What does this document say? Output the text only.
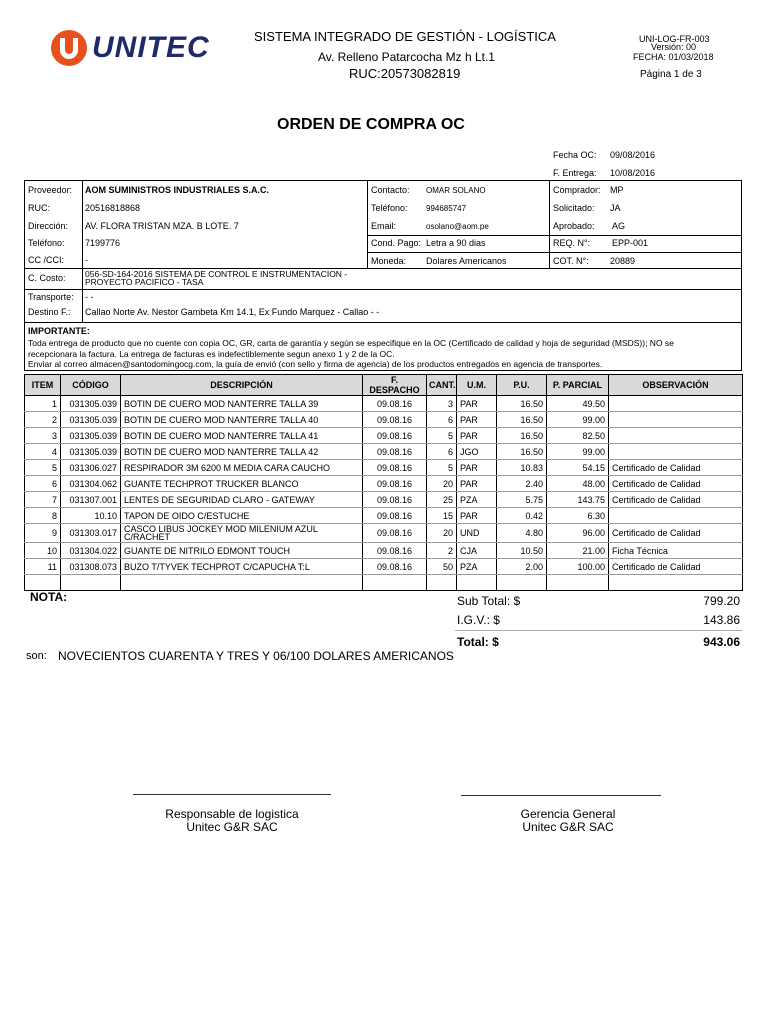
UNITEC	SISTEMA INTEGRADO DE GESTIÓN - LOGÍSTICA
Av. Relleno Patarcocha Mz h Lt.1
RUC:20573082819
UNI-LOG-FR-003
Versión: 00
FECHA: 01/03/2018
Página 1 de 3
ORDEN DE COMPRA OC
Fecha OC: 09/08/2016
F. Entrega: 10/08/2016
Proveedor: AOM SUMINISTROS INDUSTRIALES S.A.C.
RUC:	20516818868
Dirección: AV. FLORA TRISTAN MZA. B LOTE. 7
Teléfono: 7199776
CC /CCI: -
C. Costo: 056-SD-164-2016 SISTEMA DE CONTROL E INSTRUMENTACION - PROYECTO PACIFICO - TASA
Transporte: - -
Destino F.: Callao Norte Av. Nestor Gambeta Km 14.1, Ex Fundo Marquez - Callao - -
Contacto: OMAR SOLANO
Teléfono: 994685747
Email:	osolano@aom.pe
Cond. Pago: Letra a 90 dias
Moneda: Dolares Americanos
Comprador: MP
Solicitado: JA
Aprobado: AG
REQ. N°: EPP-001
COT. N°: 20889
IMPORTANTE:
Toda entrega de producto que no cuente con copia OC, GR, carta de garantía y según se especifique en la OC (Certificado de calidad y hoja de seguridad (MSDS)); NO se
recepcionara la factura. La entrega de facturas es indefectiblemente segun anexo 1 y 2 de la OC.
Enviar al correo almacen@santodomingocg.com, la guía de envió (con sello y firma de agencia) de los productos entregados en agencia de transportes.
ITEM	CÓDIGO	DESCRIPCIÓN	F. DESPACHO	CANT.	U.M.	P.U.	P. PARCIAL	OBSERVACIÓN
1	031305.039	BOTIN DE CUERO MOD NANTERRE TALLA 39	09.08.16	3	PAR	16.50	49.50	
2	031305.039	BOTIN DE CUERO MOD NANTERRE TALLA 40	09.08.16	6	PAR	16.50	99.00	
3	031305.039	BOTIN DE CUERO MOD NANTERRE TALLA 41	09.08.16	5	PAR	16.50	82.50	
4	031305.039	BOTIN DE CUERO MOD NANTERRE TALLA 42	09.08.16	6	JGO	16.50	99.00	
5	031306.027	RESPIRADOR 3M 6200 M MEDIA CARA CAUCHO	09.08.16	5	PAR	10.83	54.15	Certificado de Calidad
6	031304.062	GUANTE TECHPROT TRUCKER BLANCO	09.08.16	20	PAR	2.40	48.00	Certificado de Calidad
7	031307.001	LENTES DE SEGURIDAD CLARO - GATEWAY	09.08.16	25	PZA	5.75	143.75	Certificado de Calidad
8	10.10	TAPON DE OIDO C/ESTUCHE	09.08.16	15	PAR	0.42	6.30	
9	031303.017	CASCO LIBUS JOCKEY MOD MILENIUM AZUL C/RACHET	09.08.16	20	UND	4.80	96.00	Certificado de Calidad
10	031304.022	GUANTE DE NITRILO EDMONT TOUCH	09.08.16	2	CJA	10.50	21.00	Ficha Técnica
11	031308.073	BUZO T/TYVEK TECHPROT C/CAPUCHA T:L	09.08.16	50	PZA	2.00	100.00	Certificado de Calidad

NOTA:	Sub Total: $	799.20
I.G.V.: $	143.86
Total: $	943.06
son: NOVECIENTOS CUARENTA Y TRES Y 06/100 DOLARES AMERICANOS
Responsable de logistica
Unitec G&R SAC
Gerencia General
Unitec G&R SAC
